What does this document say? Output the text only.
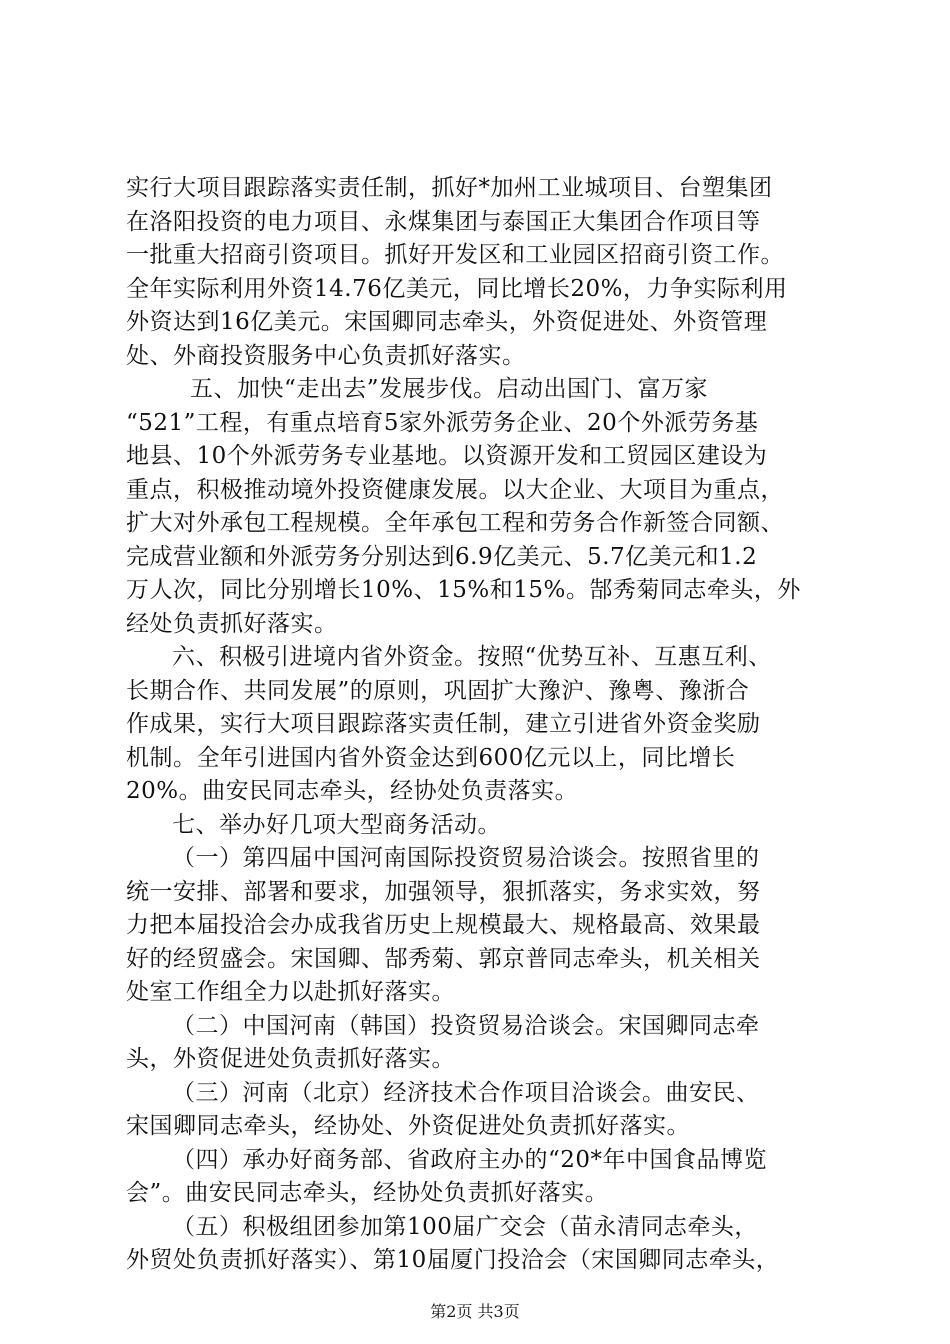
实行大项目跟踪落实责任制，抓好*加州工业城项目、台塑集团
在洛阳投资的电力项目、永煤集团与泰国正大集团合作项目等
一批重大招商引资项目。抓好开发区和工业园区招商引资工作。
全年实际利用外资14.76亿美元，同比增长20%，力争实际利用
外资达到16亿美元。宋国卿同志牵头，外资促进处、外资管理
处、外商投资服务中心负责抓好落实。
五、加快“走出去”发展步伐。启动出国门、富万家
“521”工程，有重点培育5家外派劳务企业、20个外派劳务基
地县、10个外派劳务专业基地。以资源开发和工贸园区建设为
重点，积极推动境外投资健康发展。以大企业、大项目为重点，
扩大对外承包工程规模。全年承包工程和劳务合作新签合同额、
完成营业额和外派劳务分别达到6.9亿美元、5.7亿美元和1.2
万人次，同比分别增长10%、15%和15%。郜秀菊同志牵头，外
经处负责抓好落实。
六、积极引进境内省外资金。按照“优势互补、互惠互利、
长期合作、共同发展”的原则，巩固扩大豫沪、豫粤、豫浙合
作成果，实行大项目跟踪落实责任制，建立引进省外资金奖励
机制。全年引进国内省外资金达到600亿元以上，同比增长
20%。曲安民同志牵头，经协处负责落实。
七、举办好几项大型商务活动。
（一）第四届中国河南国际投资贸易洽谈会。按照省里的
统一安排、部署和要求，加强领导，狠抓落实，务求实效，努
力把本届投洽会办成我省历史上规模最大、规格最高、效果最
好的经贸盛会。宋国卿、郜秀菊、郭京普同志牵头，机关相关
处室工作组全力以赴抓好落实。
（二）中国河南（韩国）投资贸易洽谈会。宋国卿同志牵
头，外资促进处负责抓好落实。
（三）河南（北京）经济技术合作项目洽谈会。曲安民、
宋国卿同志牵头，经协处、外资促进处负责抓好落实。
（四）承办好商务部、省政府主办的“20*年中国食品博览
会”。曲安民同志牵头，经协处负责抓好落实。
（五）积极组团参加第100届广交会（苗永清同志牵头，
外贸处负责抓好落实）、第10届厦门投洽会（宋国卿同志牵头，
第2页 共3页
